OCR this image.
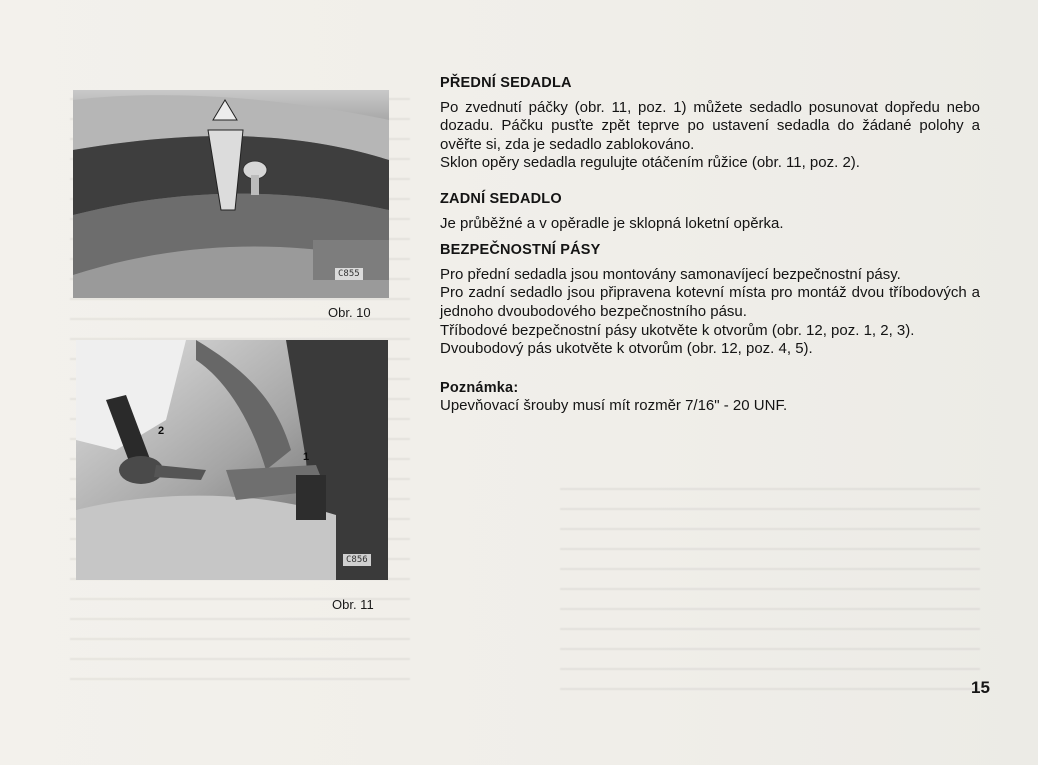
C855
Obr. 10
2
1
C856
Obr. 11
PŘEDNÍ SEDADLA

Po zvednutí páčky (obr. 11, poz. 1) můžete sedadlo posunovat dopředu nebo dozadu. Páčku pusťte zpět teprve po ustavení sedadla do žádané polohy a ověřte si, zda je sedadlo zablokováno.

Sklon opěry sedadla regulujte otáčením růžice (obr. 11, poz. 2).

ZADNÍ SEDADLO

Je průběžné a v opěradle je sklopná loketní opěrka.

BEZPEČNOSTNÍ PÁSY

Pro přední sedadla jsou montovány samonavíjecí bezpečnostní pásy.

Pro zadní sedadlo jsou připravena kotevní místa pro montáž dvou tříbodových a jednoho dvoubodového bezpečnostního pásu.

Tříbodové bezpečnostní pásy ukotvěte k otvorům (obr. 12, poz. 1, 2, 3).

Dvoubodový pás ukotvěte k otvorům (obr. 12, poz. 4, 5).

Poznámka:

Upevňovací šrouby musí mít rozměr 7/16" - 20 UNF.

15
